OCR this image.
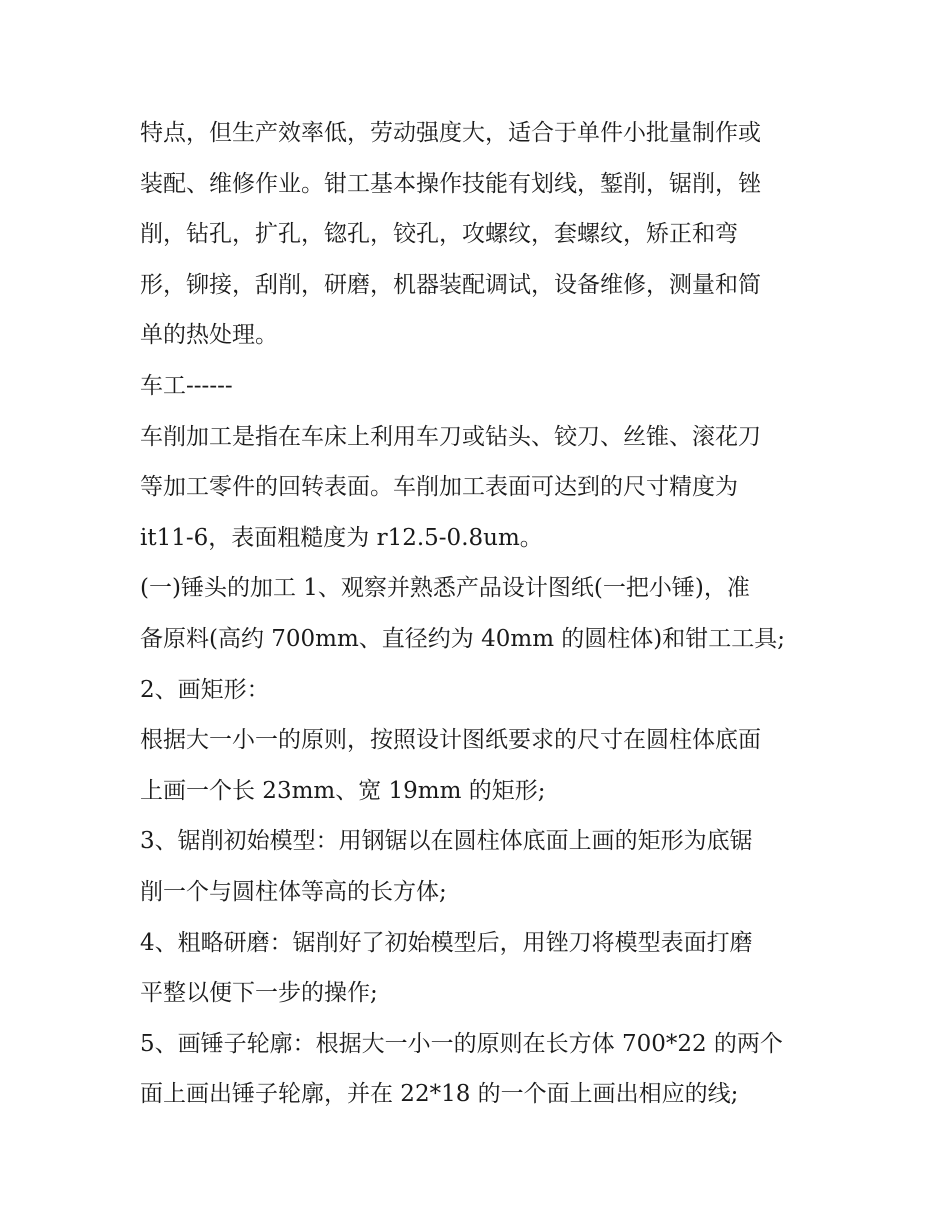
特点，但生产效率低，劳动强度大，适合于单件小批量制作或
装配、维修作业。钳工基本操作技能有划线，錾削，锯削，锉
削，钻孔，扩孔，锪孔，铰孔，攻螺纹，套螺纹，矫正和弯
形，铆接，刮削，研磨，机器装配调试，设备维修，测量和简
单的热处理。
车工------
车削加工是指在车床上利用车刀或钻头、铰刀、丝锥、滚花刀
等加工零件的回转表面。车削加工表面可达到的尺寸精度为
it11-6，表面粗糙度为 r12.5-0.8um。
(一)锤头的加工 1、观察并熟悉产品设计图纸(一把小锤)，准
备原料(高约 700mm、直径约为 40mm 的圆柱体)和钳工工具;
2、画矩形：
根据大一小一的原则，按照设计图纸要求的尺寸在圆柱体底面
上画一个长 23mm、宽 19mm 的矩形;
3、锯削初始模型：用钢锯以在圆柱体底面上画的矩形为底锯
削一个与圆柱体等高的长方体;
4、粗略研磨：锯削好了初始模型后，用锉刀将模型表面打磨
平整以便下一步的操作;
5、画锤子轮廓：根据大一小一的原则在长方体 700*22 的两个
面上画出锤子轮廓，并在 22*18 的一个面上画出相应的线;
